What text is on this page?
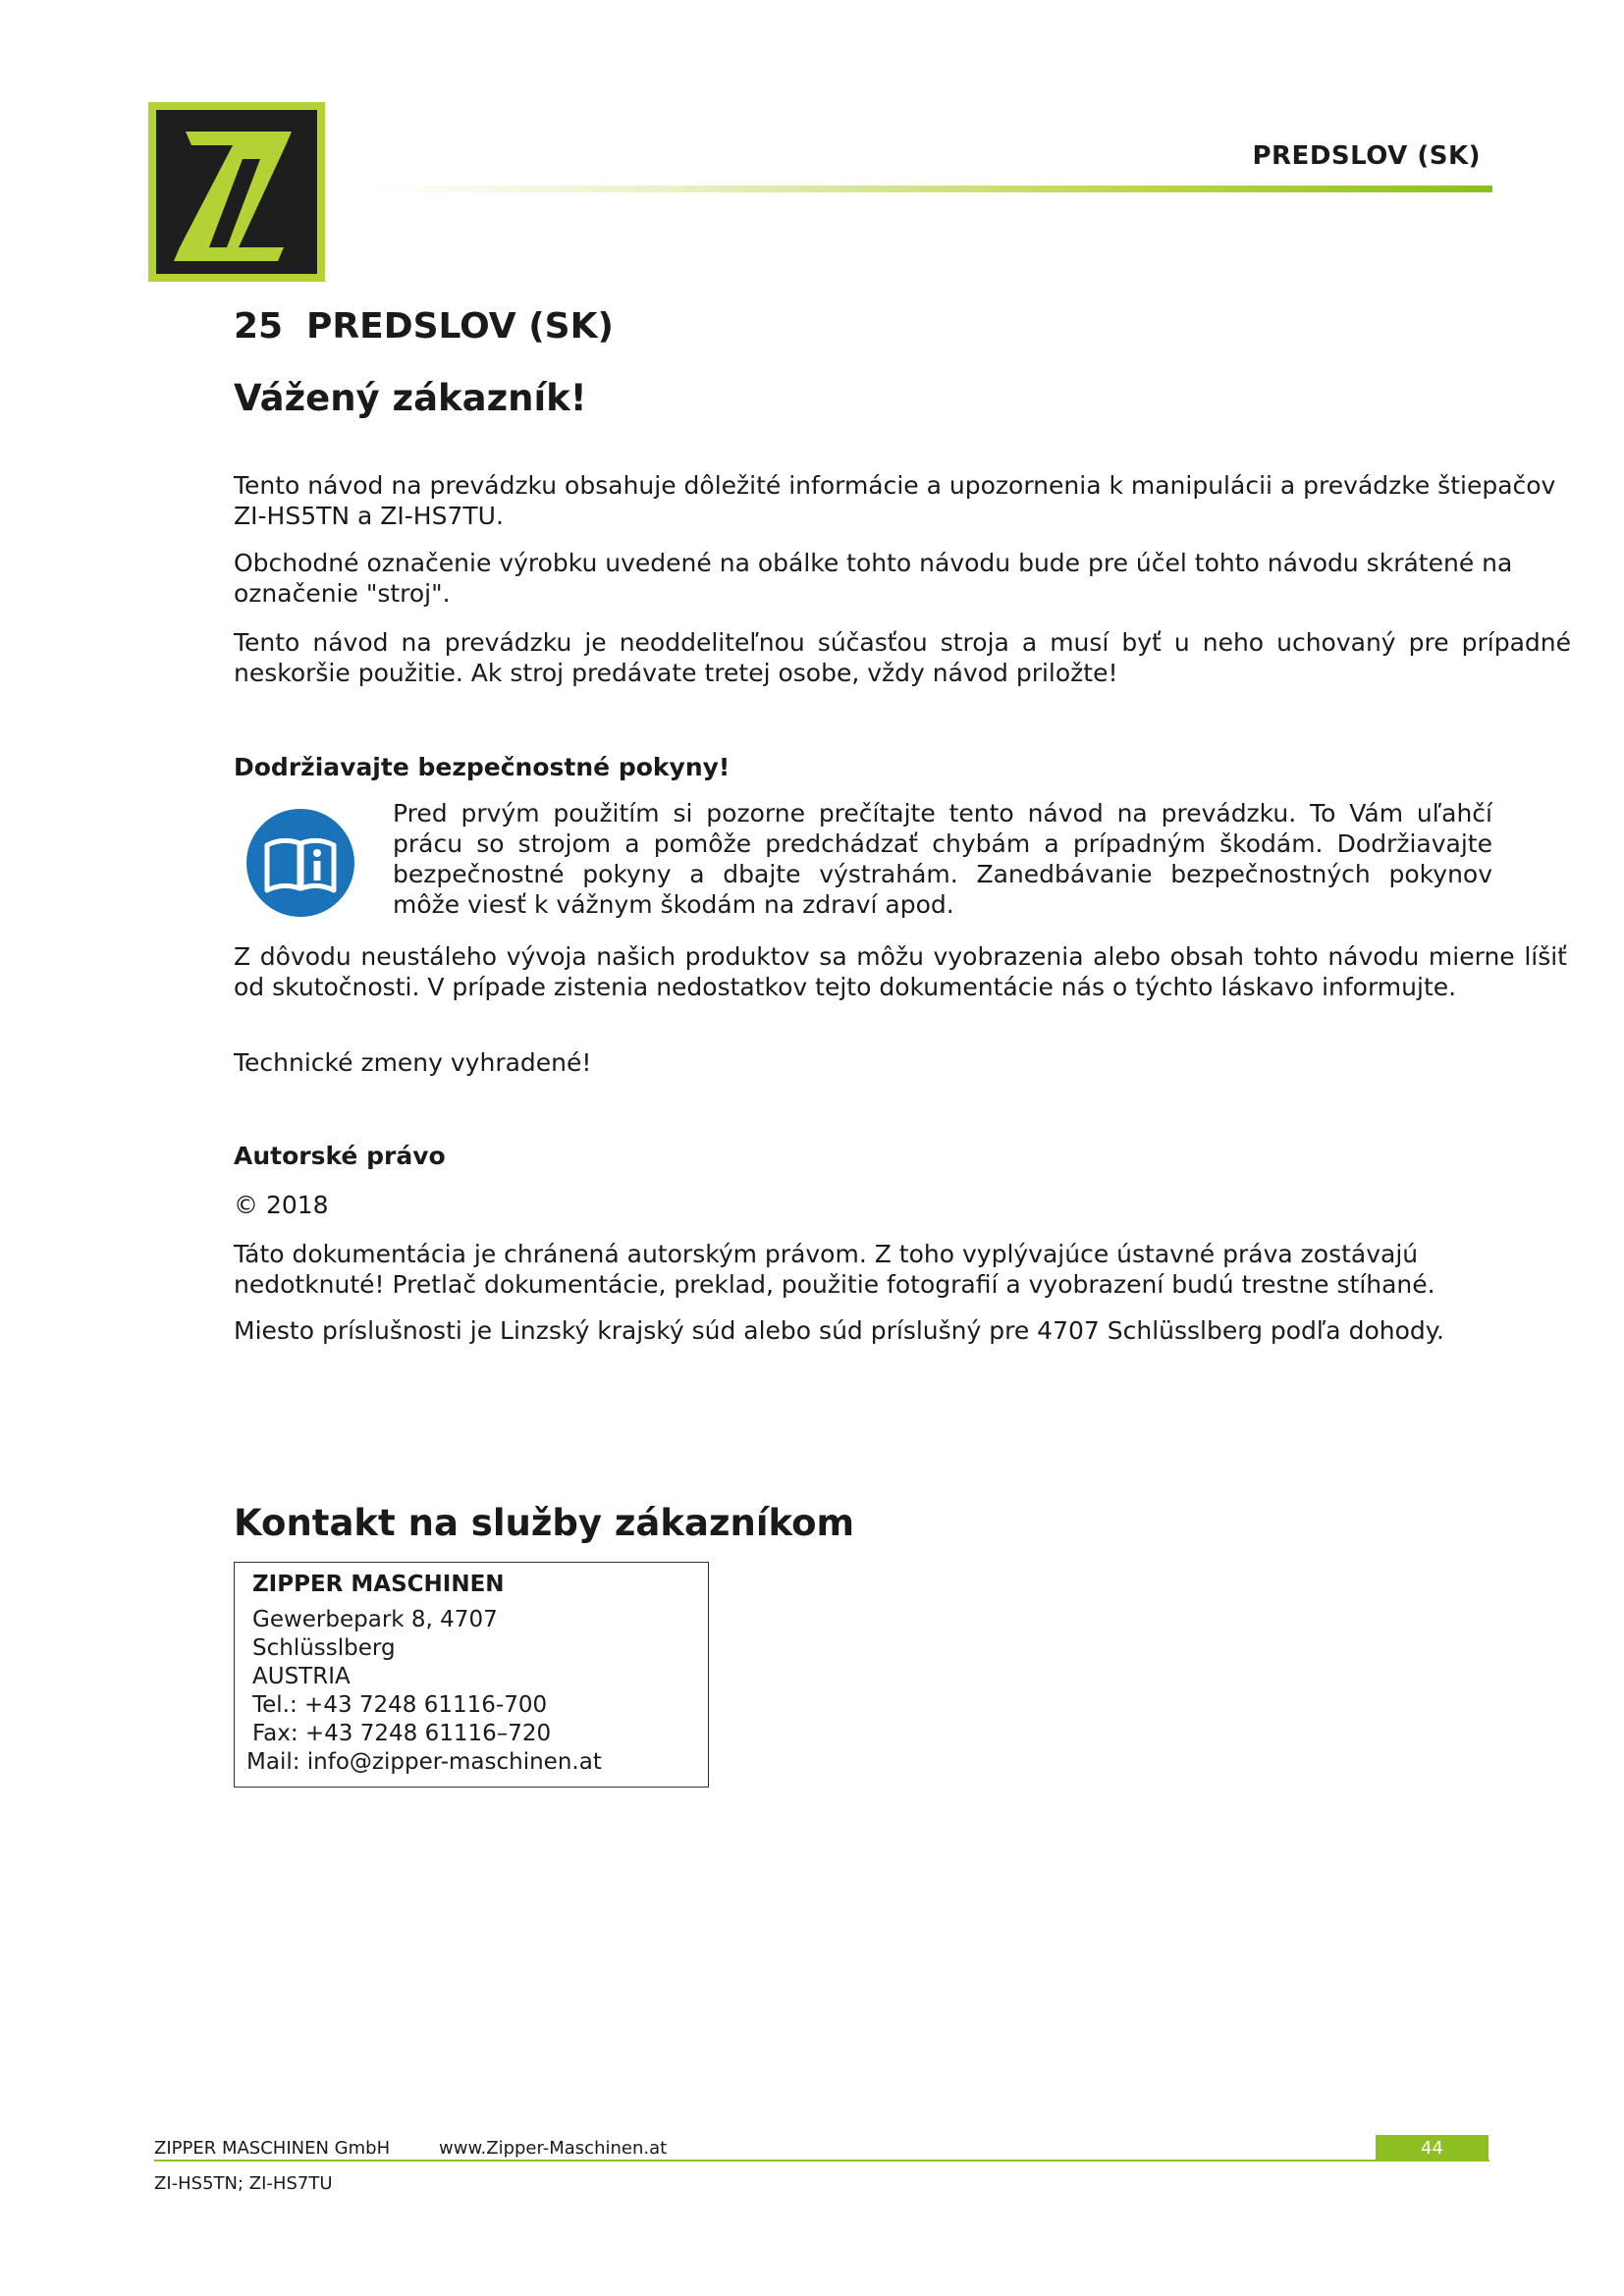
PREDSLOV (SK)
25 PREDSLOV (SK)
Vážený zákazník!
Tento návod na prevádzku obsahuje dôležité informácie a upozornenia k manipulácii a prevádzke štiepačov ZI-HS5TN a ZI-HS7TU.
Obchodné označenie výrobku uvedené na obálke tohto návodu bude pre účel tohto návodu skrátené na označenie "stroj".
Tento návod na prevádzku je neoddeliteľnou súčasťou stroja a musí byť u neho uchovaný pre prípadné neskoršie použitie. Ak stroj predávate tretej osobe, vždy návod priložte!
Dodržiavajte bezpečnostné pokyny!
Pred prvým použitím si pozorne prečítajte tento návod na prevádzku. To Vám uľahčí prácu so strojom a pomôže predchádzať chybám a prípadným škodám. Dodržiavajte bezpečnostné pokyny a dbajte výstrahám. Zanedbávanie bezpečnostných pokynov môže viesť k vážnym škodám na zdraví apod.
Z dôvodu neustáleho vývoja našich produktov sa môžu vyobrazenia alebo obsah tohto návodu mierne líšiť od skutočnosti. V prípade zistenia nedostatkov tejto dokumentácie nás o týchto láskavo informujte.
Technické zmeny vyhradené!
Autorské právo
© 2018
Táto dokumentácia je chránená autorským právom. Z toho vyplývajúce ústavné práva zostávajú nedotknuté! Pretlač dokumentácie, preklad, použitie fotografií a vyobrazení budú trestne stíhané.
Miesto príslušnosti je Linzský krajský súd alebo súd príslušný pre 4707 Schlüsslberg podľa dohody.
Kontakt na služby zákazníkom
ZIPPER MASCHINEN
Gewerbepark 8, 4707
Schlüsslberg
AUSTRIA
Tel.: +43 7248 61116-700
Fax: +43 7248 61116–720
Mail: info@zipper-maschinen.at
ZIPPER MASCHINEN GmbH	www.Zipper-Maschinen.at	44
ZI-HS5TN; ZI-HS7TU
